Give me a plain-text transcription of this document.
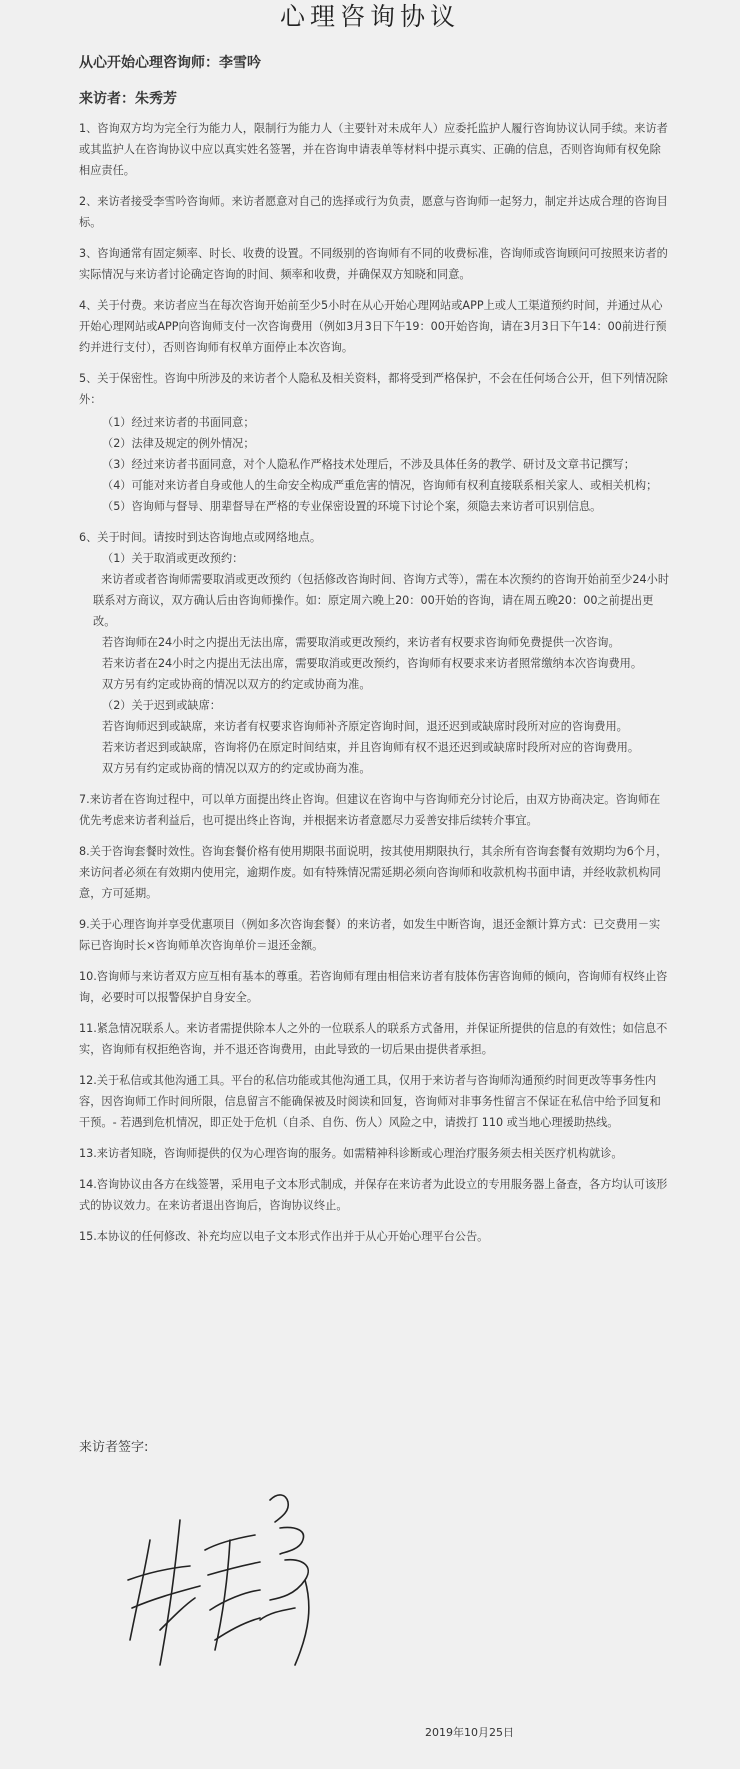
心理咨询协议
从心开始心理咨询师：李雪吟
来访者：朱秀芳

1、咨询双方均为完全行为能力人，限制行为能力人（主要针对未成年人）应委托监护人履行咨询协议认同手续。来访者或其监护人在咨询协议中应以真实姓名签署，并在咨询申请表单等材料中提示真实、正确的信息，否则咨询师有权免除相应责任。

2、来访者接受李雪吟咨询师。来访者愿意对自己的选择或行为负责，愿意与咨询师一起努力，制定并达成合理的咨询目标。

3、咨询通常有固定频率、时长、收费的设置。不同级别的咨询师有不同的收费标准，咨询师或咨询顾问可按照来访者的实际情况与来访者讨论确定咨询的时间、频率和收费，并确保双方知晓和同意。

4、关于付费。来访者应当在每次咨询开始前至少5小时在从心开始心理网站或APP上或人工渠道预约时间，并通过从心开始心理网站或APP向咨询师支付一次咨询费用（例如3月3日下午19：00开始咨询，请在3月3日下午14：00前进行预约并进行支付），否则咨询师有权单方面停止本次咨询。

5、关于保密性。咨询中所涉及的来访者个人隐私及相关资料，都将受到严格保护，不会在任何场合公开，但下列情况除外：

（1）经过来访者的书面同意；

（2）法律及规定的例外情况；

（3）经过来访者书面同意，对个人隐私作严格技术处理后，不涉及具体任务的教学、研讨及文章书记撰写；

（4）可能对来访者自身或他人的生命安全构成严重危害的情况，咨询师有权利直接联系相关家人、或相关机构；

（5）咨询师与督导、朋辈督导在严格的专业保密设置的环境下讨论个案，须隐去来访者可识别信息。

6、关于时间。请按时到达咨询地点或网络地点。

（1）关于取消或更改预约：

来访者或者咨询师需要取消或更改预约（包括修改咨询时间、咨询方式等），需在本次预约的咨询开始前至少24小时联系对方商议，双方确认后由咨询师操作。如：原定周六晚上20：00开始的咨询，请在周五晚20：00之前提出更改。

若咨询师在24小时之内提出无法出席，需要取消或更改预约，来访者有权要求咨询师免费提供一次咨询。

若来访者在24小时之内提出无法出席，需要取消或更改预约，咨询师有权要求来访者照常缴纳本次咨询费用。

双方另有约定或协商的情况以双方的约定或协商为准。

（2）关于迟到或缺席：

若咨询师迟到或缺席，来访者有权要求咨询师补齐原定咨询时间，退还迟到或缺席时段所对应的咨询费用。

若来访者迟到或缺席，咨询将仍在原定时间结束，并且咨询师有权不退还迟到或缺席时段所对应的咨询费用。

双方另有约定或协商的情况以双方的约定或协商为准。

7.来访者在咨询过程中，可以单方面提出终止咨询。但建议在咨询中与咨询师充分讨论后，由双方协商决定。咨询师在优先考虑来访者利益后，也可提出终止咨询，并根据来访者意愿尽力妥善安排后续转介事宜。

8.关于咨询套餐时效性。咨询套餐价格有使用期限书面说明，按其使用期限执行，其余所有咨询套餐有效期均为6个月，来访问者必须在有效期内使用完，逾期作废。如有特殊情况需延期必须向咨询师和收款机构书面申请，并经收款机构同意，方可延期。

9.关于心理咨询并享受优惠项目（例如多次咨询套餐）的来访者，如发生中断咨询，退还金额计算方式：已交费用－实际已咨询时长×咨询师单次咨询单价＝退还金额。

10.咨询师与来访者双方应互相有基本的尊重。若咨询师有理由相信来访者有肢体伤害咨询师的倾向，咨询师有权终止咨询，必要时可以报警保护自身安全。

11.紧急情况联系人。来访者需提供除本人之外的一位联系人的联系方式备用，并保证所提供的信息的有效性；如信息不实，咨询师有权拒绝咨询，并不退还咨询费用，由此导致的一切后果由提供者承担。

12.关于私信或其他沟通工具。平台的私信功能或其他沟通工具，仅用于来访者与咨询师沟通预约时间更改等事务性内容，因咨询师工作时间所限，信息留言不能确保被及时阅读和回复，咨询师对非事务性留言不保证在私信中给予回复和干预。- 若遇到危机情况，即正处于危机（自杀、自伤、伤人）风险之中，请拨打 110 或当地心理援助热线。

13.来访者知晓，咨询师提供的仅为心理咨询的服务。如需精神科诊断或心理治疗服务须去相关医疗机构就诊。

14.咨询协议由各方在线签署，采用电子文本形式制成，并保存在来访者为此设立的专用服务器上备查，各方均认可该形式的协议效力。在来访者退出咨询后，咨询协议终止。

15.本协议的任何修改、补充均应以电子文本形式作出并于从心开始心理平台公告。

来访者签字:
2019年10月25日
